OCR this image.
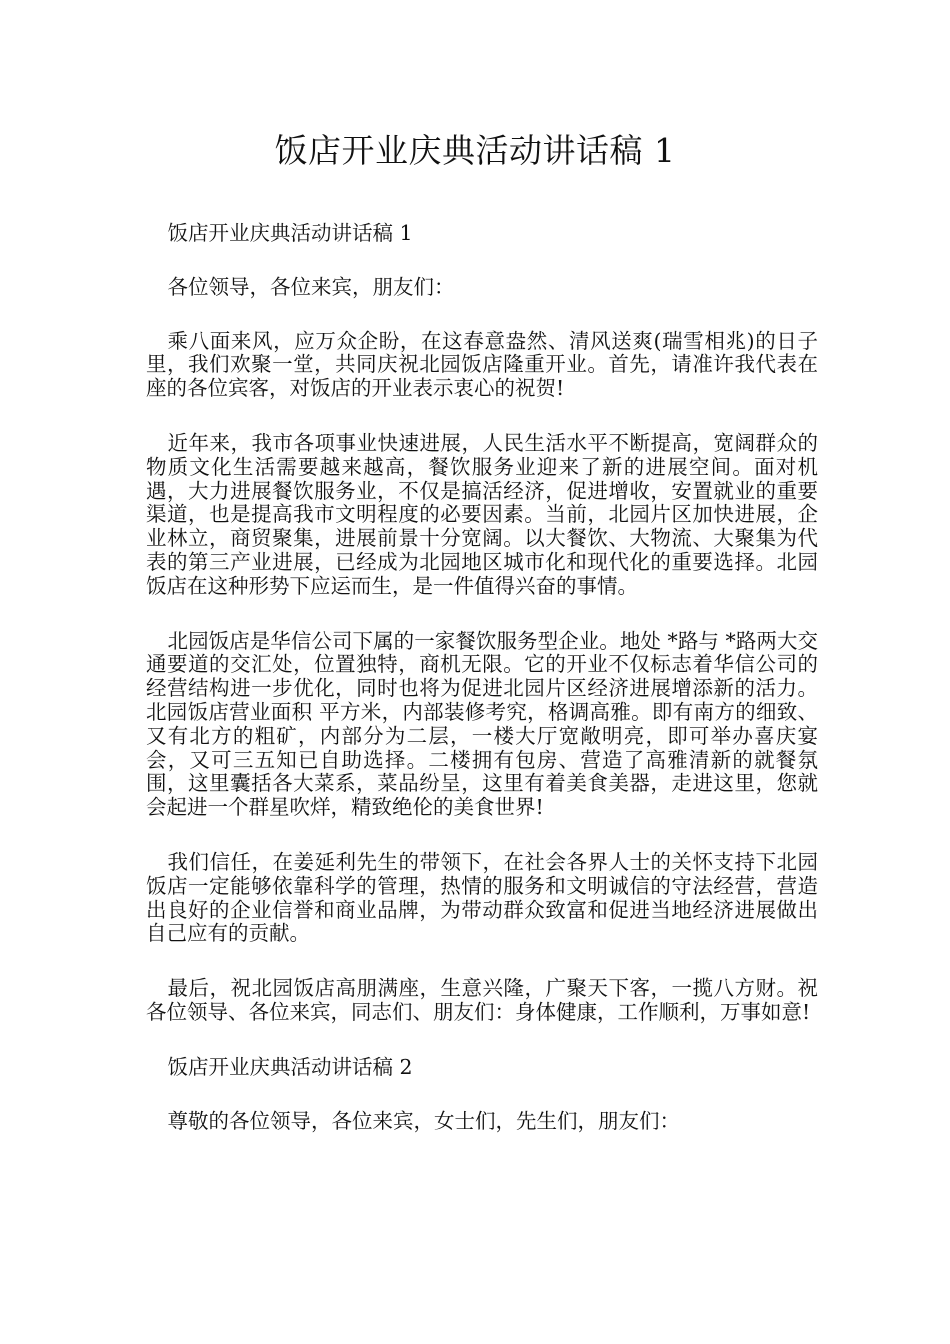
饭店开业庆典活动讲话稿 1

饭店开业庆典活动讲话稿 1

各位领导，各位来宾，朋友们：

乘八面来风，应万众企盼，在这春意盎然、清风送爽(瑞雪相兆)的日子里，我们欢聚一堂，共同庆祝北园饭店隆重开业。首先，请准许我代表在座的各位宾客，对饭店的开业表示衷心的祝贺!

近年来，我市各项事业快速进展，人民生活水平不断提高，宽阔群众的物质文化生活需要越来越高，餐饮服务业迎来了新的进展空间。面对机遇，大力进展餐饮服务业，不仅是搞活经济，促进增收，安置就业的重要渠道，也是提高我市文明程度的必要因素。当前，北园片区加快进展，企业林立，商贸聚集，进展前景十分宽阔。以大餐饮、大物流、大聚集为代表的第三产业进展，已经成为北园地区城市化和现代化的重要选择。北园饭店在这种形势下应运而生，是一件值得兴奋的事情。

北园饭店是华信公司下属的一家餐饮服务型企业。地处 *路与 *路两大交通要道的交汇处，位置独特，商机无限。它的开业不仅标志着华信公司的经营结构进一步优化，同时也将为促进北园片区经济进展增添新的活力。北园饭店营业面积 平方米，内部装修考究，格调高雅。即有南方的细致、又有北方的粗矿，内部分为二层，一楼大厅宽敞明亮，即可举办喜庆宴会，又可三五知已自助选择。二楼拥有包房、营造了高雅清新的就餐氛围，这里囊括各大菜系，菜品纷呈，这里有着美食美器，走进这里，您就会起进一个群星吹烊，精致绝伦的美食世界!

我们信任，在姜延利先生的带领下，在社会各界人士的关怀支持下北园饭店一定能够依靠科学的管理，热情的服务和文明诚信的守法经营，营造出良好的企业信誉和商业品牌，为带动群众致富和促进当地经济进展做出自己应有的贡献。

最后，祝北园饭店高朋满座，生意兴隆，广聚天下客，一揽八方财。祝各位领导、各位来宾，同志们、朋友们：身体健康，工作顺利，万事如意!

饭店开业庆典活动讲话稿 2

尊敬的各位领导，各位来宾，女士们，先生们，朋友们：
